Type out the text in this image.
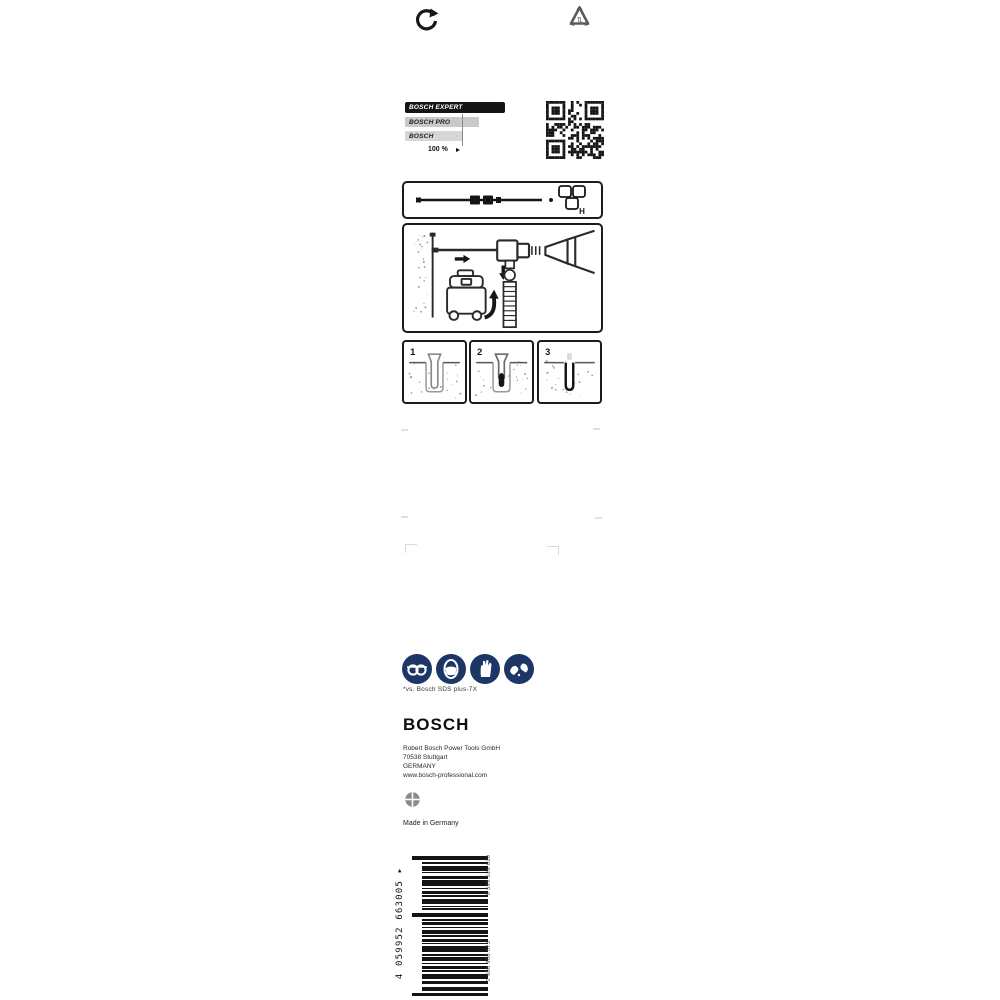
⇅
BOSCH EXPERT
BOSCH PRO
BOSCH
100 %
H
1	2	3
*vs. Bosch SDS plus-7X
BOSCH
Robert Bosch Power Tools GmbH
70538 Stuttgart
GERMANY
www.bosch-professional.com
Made in Germany
4 059952 663005 ▸	0 599 526 630
2 608 900 573
